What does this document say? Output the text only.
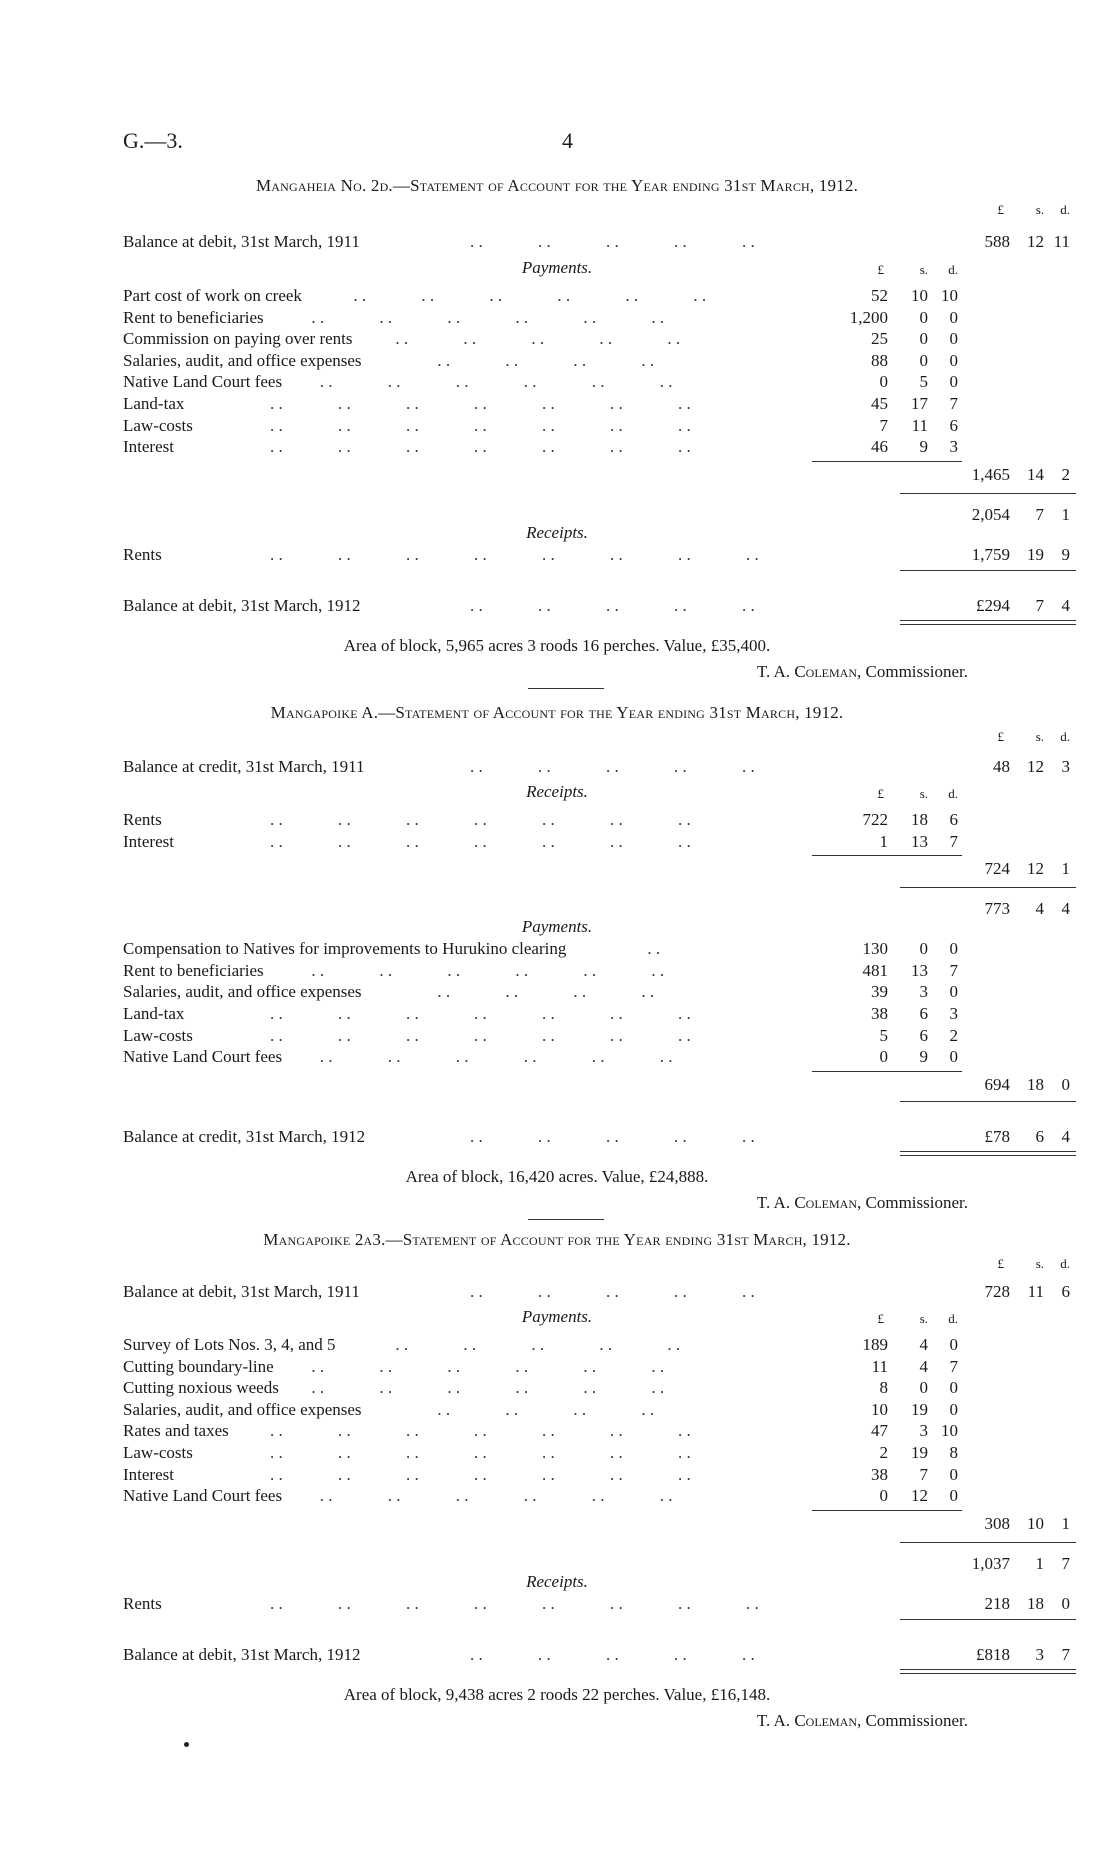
G.—3.	4
Mangaheia No. 2d.—Statement of Account for the Year ending 31st March, 1912.
£ s. d.
Balance at debit, 31st March, 1911	. .    . .    . .    . .    . .   	588 12 11
Payments.	£	s. d.
Part cost of work on creek	. .    . .    . .    . .    . .    . .   	52 10 10
Rent to beneficiaries	. .    . .    . .    . .    . .    . .   	1,200 0 0
Commission on paying over rents	. .    . .    . .    . .    . .   	25 0 0
Salaries, audit, and office expenses	. .    . .    . .    . .   	88 0 0
Native Land Court fees . .    . .    . .    . .    . .    . .   	0 5 0
Land-tax	. .    . .    . .    . .    . .    . .    . .   	45 17 7
Law-costs	. .    . .    . .    . .    . .    . .    . .   	7 11 6
Interest	. .    . .    . .    . .    . .    . .    . .   	46 9 3
1,465 14 2
2,054 7 1
Receipts.
Rents	. .    . .    . .    . .    . .    . .    . .    . .   	1,759 19 9
Balance at debit, 31st March, 1912	. .    . .    . .    . .    . .   	£294 7 4
Area of block, 5,965 acres 3 roods 16 perches. Value, £35,400.
T. A. Coleman, Commissioner.
Mangapoike A.—Statement of Account for the Year ending 31st March, 1912.
£ s. d.
Balance at credit, 31st March, 1911	. .    . .    . .    . .    . .   	48 12 3
Receipts.	£	s. d.
Rents	. .    . .    . .    . .    . .    . .    . .   	722 18 6
Interest	. .    . .    . .    . .    . .    . .    . .   	1 13 7
724 12 1
773 4 4
Payments.
Compensation to Natives for improvements to Hurukino clearing	. .   	130 0 0
Rent to beneficiaries	. .    . .    . .    . .    . .    . .   	481 13 7
Salaries, audit, and office expenses	. .    . .    . .    . .   	39 3 0
Land-tax	. .    . .    . .    . .    . .    . .    . .   	38 6 3
Law-costs	. .    . .    . .    . .    . .    . .    . .   	5 6 2
Native Land Court fees . .    . .    . .    . .    . .    . .   	0 9 0
694 18 0
Balance at credit, 31st March, 1912	. .    . .    . .    . .    . .   	£78 6 4
Area of block, 16,420 acres. Value, £24,888.
T. A. Coleman, Commissioner.
Mangapoike 2a3.—Statement of Account for the Year ending 31st March, 1912.
£ s. d.
Balance at debit, 31st March, 1911	. .    . .    . .    . .    . .   	728 11 6
Payments.	£	s. d.
Survey of Lots Nos. 3, 4, and 5	. .    . .    . .    . .    . .   	189 4 0
Cutting boundary-line . .    . .    . .    . .    . .    . .   	11 4 7
Cutting noxious weeds . .    . .    . .    . .    . .    . .   	8 0 0
Salaries, audit, and office expenses	. .    . .    . .    . .   	10 19 0
Rates and taxes . .    . .    . .    . .    . .    . .    . .   	47 3 10
Law-costs	. .    . .    . .    . .    . .    . .    . .   	2 19 8
Interest	. .    . .    . .    . .    . .    . .    . .   	38 7 0
Native Land Court fees . .    . .    . .    . .    . .    . .   	0 12 0
308 10 1
1,037 1 7
Receipts.
Rents	. .    . .    . .    . .    . .    . .    . .    . .   	218 18 0
Balance at debit, 31st March, 1912	. .    . .    . .    . .    . .   	£818 3 7
Area of block, 9,438 acres 2 roods 22 perches. Value, £16,148.
T. A. Coleman, Commissioner.
